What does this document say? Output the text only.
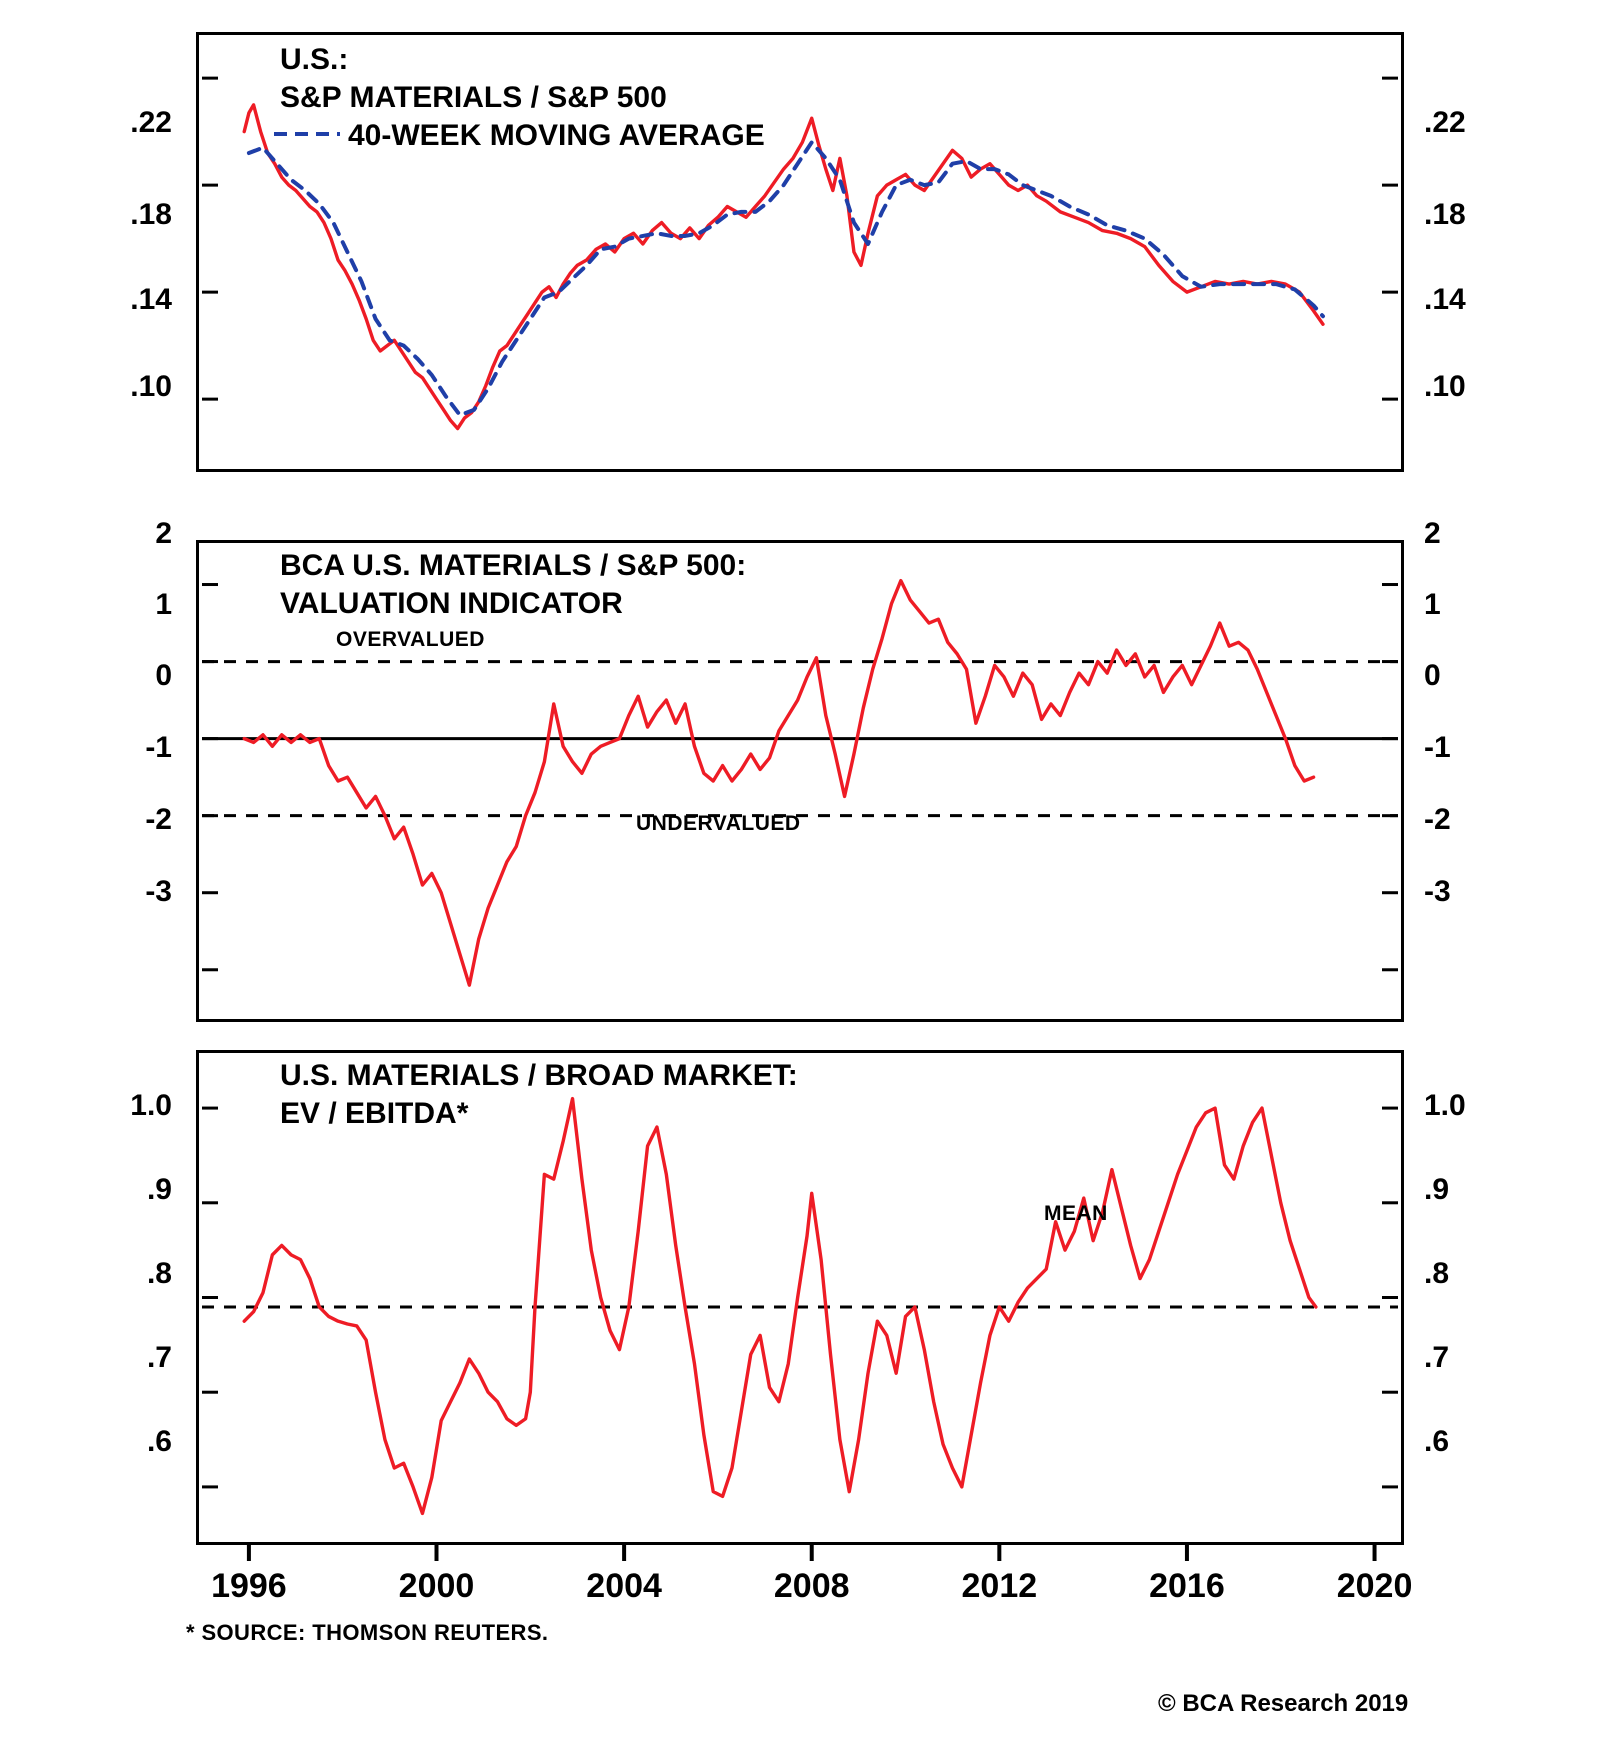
U.S.:
S&P MATERIALS / S&P 500
40-WEEK MOVING AVERAGE
.22
.18
.14
.10
.22
.18
.14
.10
BCA U.S. MATERIALS / S&P 500:
VALUATION INDICATOR
OVERVALUED
UNDERVALUED
2
1
0
-1
-2
-3
2
1
0
-1
-2
-3
U.S. MATERIALS / BROAD MARKET:
EV / EBITDA*
MEAN
1.0
.9
.8
.7
.6
1.0
.9
.8
.7
.6
1996	2000	2004	2008	2012	2016	2020
* SOURCE: THOMSON REUTERS.
© BCA Research 2019
